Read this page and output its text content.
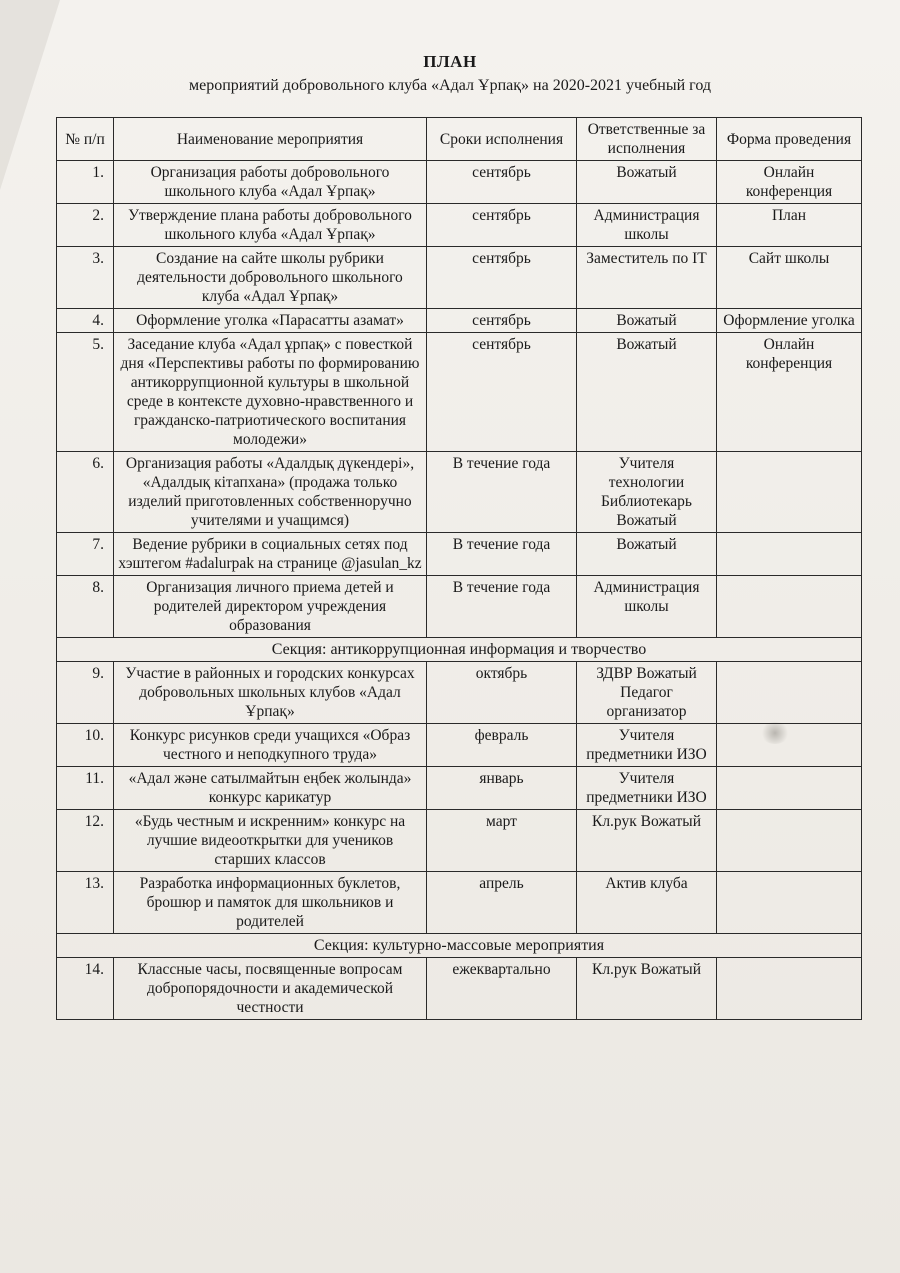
ПЛАН
мероприятий добровольного клуба «Адал Ұрпақ» на 2020-2021 учебный год
№ п/п	Наименование мероприятия	Сроки исполнения	Ответственные за исполнения	Форма проведения
1.	Организация работы добровольного школьного клуба «Адал Ұрпақ»	сентябрь	Вожатый	Онлайн конференция
2.	Утверждение плана работы добровольного школьного клуба «Адал Ұрпақ»	сентябрь	Администрация школы	План
3.	Создание на сайте школы рубрики деятельности добровольного школьного клуба «Адал Ұрпақ»	сентябрь	Заместитель по IT	Сайт школы
4.	Оформление уголка «Парасатты азамат»	сентябрь	Вожатый	Оформление уголка
5.	Заседание клуба «Адал ұрпақ» с повесткой дня «Перспективы работы по формированию антикоррупционной культуры в школьной среде в контексте духовно-нравственного и гражданско-патриотического воспитания молодежи»	сентябрь	Вожатый	Онлайн конференция
6.	Организация работы «Адалдық дүкендері», «Адалдық кітапхана» (продажа только изделий приготовленных собственноручно учителями и учащимся)	В течение года	Учителя технологии Библиотекарь Вожатый	
7.	Ведение рубрики в социальных сетях под хэштегом #adalurpak на странице @jasulan_kz	В течение года	Вожатый	
8.	Организация личного приема детей и родителей директором учреждения образования	В течение года	Администрация школы	
Секция: антикоррупционная информация и творчество				
9.	Участие в районных и городских конкурсах добровольных школьных клубов «Адал Ұрпақ»	октябрь	ЗДВР Вожатый Педагог организатор	
10.	Конкурс рисунков среди учащихся «Образ честного и неподкупного труда»	февраль	Учителя предметники ИЗО	
11.	«Адал және сатылмайтын еңбек жолында» конкурс карикатур	январь	Учителя предметники ИЗО	
12.	«Будь честным и искренним» конкурс на лучшие видеооткрытки для учеников старших классов	март	Кл.рук Вожатый	
13.	Разработка информационных буклетов, брошюр и памяток для школьников и родителей	апрель	Актив клуба	
Секция: культурно-массовые мероприятия				
14.	Классные часы, посвященные вопросам добропорядочности и академической честности	ежеквартально	Кл.рук Вожатый	
